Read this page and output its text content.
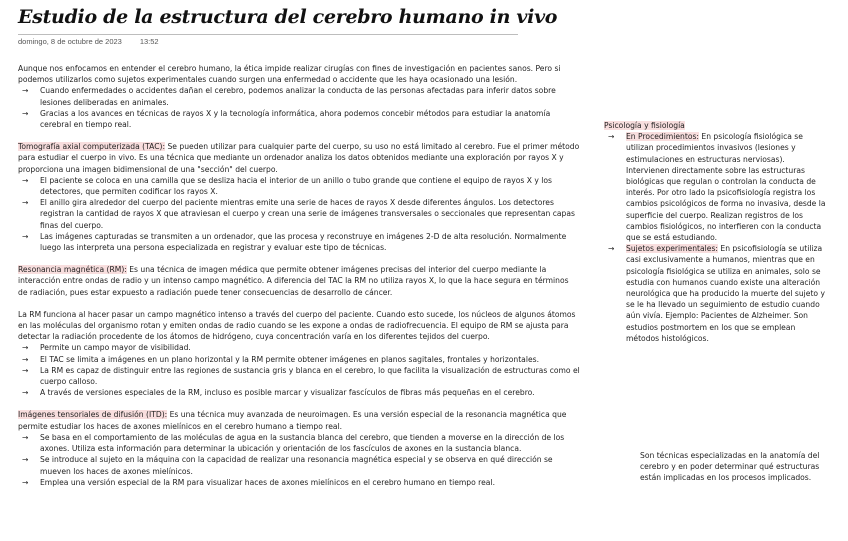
Estudio de la estructura del cerebro humano in vivo
domingo, 8 de octubre de 2023 13:52

Aunque nos enfocamos en entender el cerebro humano, la ética impide realizar cirugías con fines de investigación en pacientes sanos. Pero si podemos utilizarlos como sujetos experimentales cuando surgen una enfermedad o accidente que les haya ocasionado una lesión.

→ Cuando enfermedades o accidentes dañan el cerebro, podemos analizar la conducta de las personas afectadas para inferir datos sobre lesiones deliberadas en animales.
→ Gracias a los avances en técnicas de rayos X y la tecnología informática, ahora podemos concebir métodos para estudiar la anatomía cerebral en tiempo real.

Tomografía axial computerizada (TAC): Se pueden utilizar para cualquier parte del cuerpo, su uso no está limitado al cerebro. Fue el primer método para estudiar el cuerpo in vivo. Es una técnica que mediante un ordenador analiza los datos obtenidos mediante una exploración por rayos X y proporciona una imagen bidimensional de una "sección" del cuerpo.

→ El paciente se coloca en una camilla que se desliza hacia el interior de un anillo o tubo grande que contiene el equipo de rayos X y los detectores, que permiten codificar los rayos X.
→ El anillo gira alrededor del cuerpo del paciente mientras emite una serie de haces de rayos X desde diferentes ángulos. Los detectores registran la cantidad de rayos X que atraviesan el cuerpo y crean una serie de imágenes transversales o seccionales que representan capas finas del cuerpo.
→ Las imágenes capturadas se transmiten a un ordenador, que las procesa y reconstruye en imágenes 2-D de alta resolución. Normalmente luego las interpreta una persona especializada en registrar y evaluar este tipo de técnicas.

Resonancia magnética (RM): Es una técnica de imagen médica que permite obtener imágenes precisas del interior del cuerpo mediante la interacción entre ondas de radio y un intenso campo magnético. A diferencia del TAC la RM no utiliza rayos X, lo que la hace segura en términos de radiación, pues estar expuesto a radiación puede tener consecuencias de desarrollo de cáncer.

La RM funciona al hacer pasar un campo magnético intenso a través del cuerpo del paciente. Cuando esto sucede, los núcleos de algunos átomos en las moléculas del organismo rotan y emiten ondas de radio cuando se les expone a ondas de radiofrecuencia. El equipo de RM se ajusta para detectar la radiación procedente de los átomos de hidrógeno, cuya concentración varía en los diferentes tejidos del cuerpo.

→ Permite un campo mayor de visibilidad.
→ El TAC se limita a imágenes en un plano horizontal y la RM permite obtener imágenes en planos sagitales, frontales y horizontales.
→ La RM es capaz de distinguir entre las regiones de sustancia gris y blanca en el cerebro, lo que facilita la visualización de estructuras como el cuerpo calloso.
→ A través de versiones especiales de la RM, incluso es posible marcar y visualizar fascículos de fibras más pequeñas en el cerebro.

Imágenes tensoriales de difusión (ITD): Es una técnica muy avanzada de neuroimagen. Es una versión especial de la resonancia magnética que permite estudiar los haces de axones mielínicos en el cerebro humano a tiempo real.

→ Se basa en el comportamiento de las moléculas de agua en la sustancia blanca del cerebro, que tienden a moverse en la dirección de los axones. Utiliza esta información para determinar la ubicación y orientación de los fascículos de axones en la sustancia blanca.
→ Se introduce al sujeto en la máquina con la capacidad de realizar una resonancia magnética especial y se observa en qué dirección se mueven los haces de axones mielínicos.
→ Emplea una versión especial de la RM para visualizar haces de axones mielínicos en el cerebro humano en tiempo real.

Psicología y fisiología

→ En Procedimientos: En psicología fisiológica se utilizan procedimientos invasivos (lesiones y estimulaciones en estructuras nerviosas). Intervienen directamente sobre las estructuras biológicas que regulan o controlan la conducta de interés. Por otro lado la psicofisiología registra los cambios psicológicos de forma no invasiva, desde la superficie del cuerpo. Realizan registros de los cambios fisiológicos, no interfieren con la conducta que se está estudiando.
→ Sujetos experimentales: En psicofisiología se utiliza casi exclusivamente a humanos, mientras que en psicología fisiológica se utiliza en animales, solo se estudia con humanos cuando existe una alteración neurológica que ha producido la muerte del sujeto y se le ha llevado un seguimiento de estudio cuando aún vivía. Ejemplo: Pacientes de Alzheimer. Son estudios postmortem en los que se emplean métodos histológicos.

Son técnicas especializadas en la anatomía del cerebro y en poder determinar qué estructuras están implicadas en los procesos implicados.
